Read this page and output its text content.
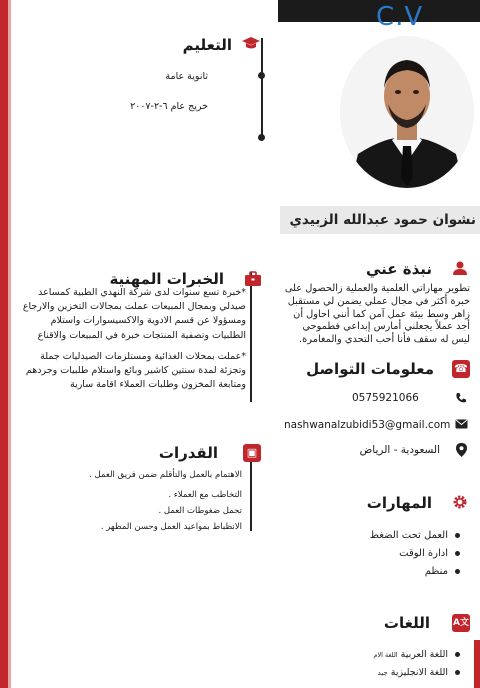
C.V
نشوان حمود عبدالله الزبيدي
التعليم
ثانوية عامة
خريج عام ٦-٢-٢٠٠٧
الخبرات المهنية
*خبرة تسع سنوات لدى شركة النهدي الطبية كمساعد صيدلي وبمجال المبيعات عملت بمجالات التخزين والارجاع ومسؤولا عن قسم الادوية والاكسيسوارات واستلام الطلبيات وتصفية المنتجات خبرة في المبيعات والاقناع
*عملت بمحلات الغذائية ومستلزمات الصيدليات جملة وتجزئة لمدة سنتين كاشير وبائع واستلام طلبيات وجردهم ومتابعة المخزون وطلبات العملاء اقامة سارية
القدرات	▣
الاهتمام بالعمل والتأقلم ضمن فريق العمل .
التخاطب مع العملاء .
تحمل ضغوطات العمل .
الانظباط بمواعيد العمل وحسن المظهر .
نبذة عني
تطوير مهاراتي العلمية والعملية زالحصول على خبرة أكثر في مجال عملي يضمن لي مستقبل زاهر وسط بيئة عمل آمن كما أنني احاول أن أجد عملاً يجعلني أمارس إبداعي فطموحي ليس له سقف فأنا أحب التحدي والمغامرة.
معلومات التواصل ☎
0575921066
nashwanalzubidi53@gmail.com
السعودية - الرياض
المهارات
العمل تحت الضغط
ادارة الوقت
منظم
اللغات	A文
اللغة العربية اللغة الام
اللغة الانجليزية جيد
